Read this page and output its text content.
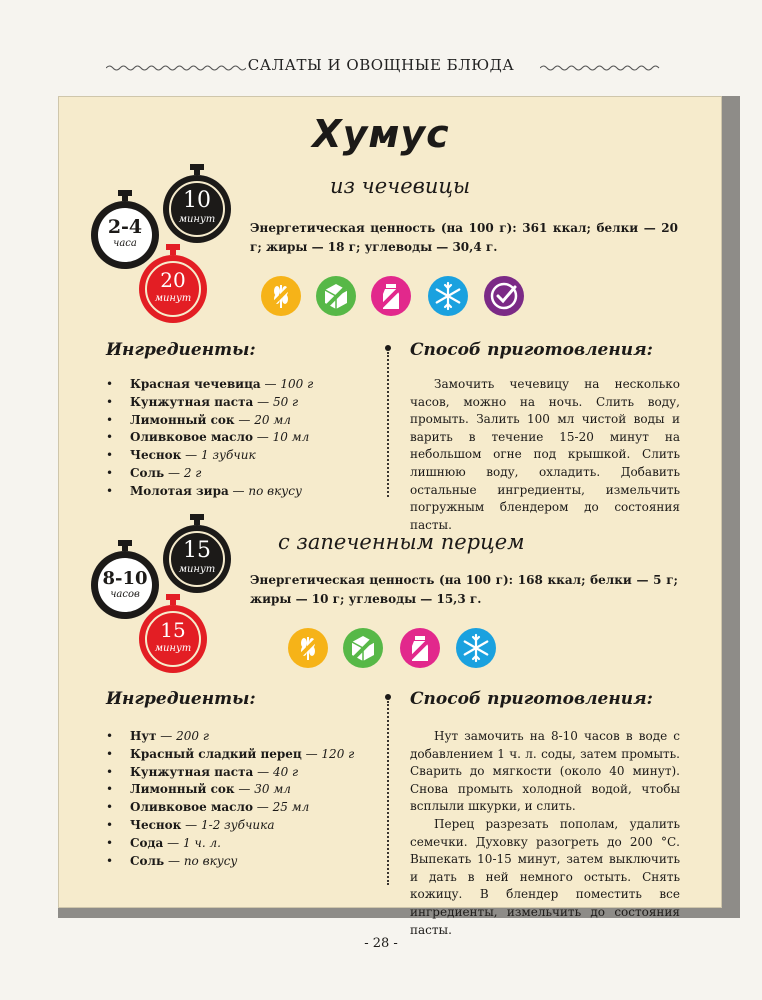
САЛАТЫ И ОВОЩНЫЕ БЛЮДА
Хумус
из чечевицы
2-4
часа
10
минут
20
минут
Энергетическая ценность (на 100 г): 361 ккал; белки — 20 г; жиры — 18 г; углеводы — 30,4 г.
Ингредиенты:
• Красная чечевица — 100 г
• Кунжутная паста — 50 г
• Лимонный сок — 20 мл
• Оливковое масло — 10 мл
• Чеснок — 1 зубчик
• Соль — 2 г
• Молотая зира — по вкусу
Способ приготовления:

Замочить чечевицу на несколько часов, можно на ночь. Слить воду, промыть. Залить 100 мл чистой воды и варить в течение 15-20 минут на небольшом огне под крышкой. Слить лишнюю воду, охладить. Добавить остальные ингредиенты, измельчить погружным блендером до состояния пасты.

с запеченным перцем
8-10
часов
15
минут
15
минут
Энергетическая ценность (на 100 г): 168 ккал; белки — 5 г; жиры — 10 г; углеводы — 15,3 г.
Ингредиенты:
• Нут — 200 г
• Красный сладкий перец — 120 г
• Кунжутная паста — 40 г
• Лимонный сок — 30 мл
• Оливковое масло — 25 мл
• Чеснок — 1-2 зубчика
• Сода — 1 ч. л.
• Соль — по вкусу
Способ приготовления:

Нут замочить на 8-10 часов в воде с добавлением 1 ч. л. соды, затем промыть. Сварить до мягкости (около 40 минут). Снова промыть холодной водой, чтобы всплыли шкурки, и слить.

Перец разрезать пополам, удалить семечки. Духовку разогреть до 200 °С. Выпекать 10-15 минут, затем выключить и дать в ней немного остыть. Снять кожицу. В блендер поместить все ингредиенты, измельчить до состояния пасты.

- 28 -
